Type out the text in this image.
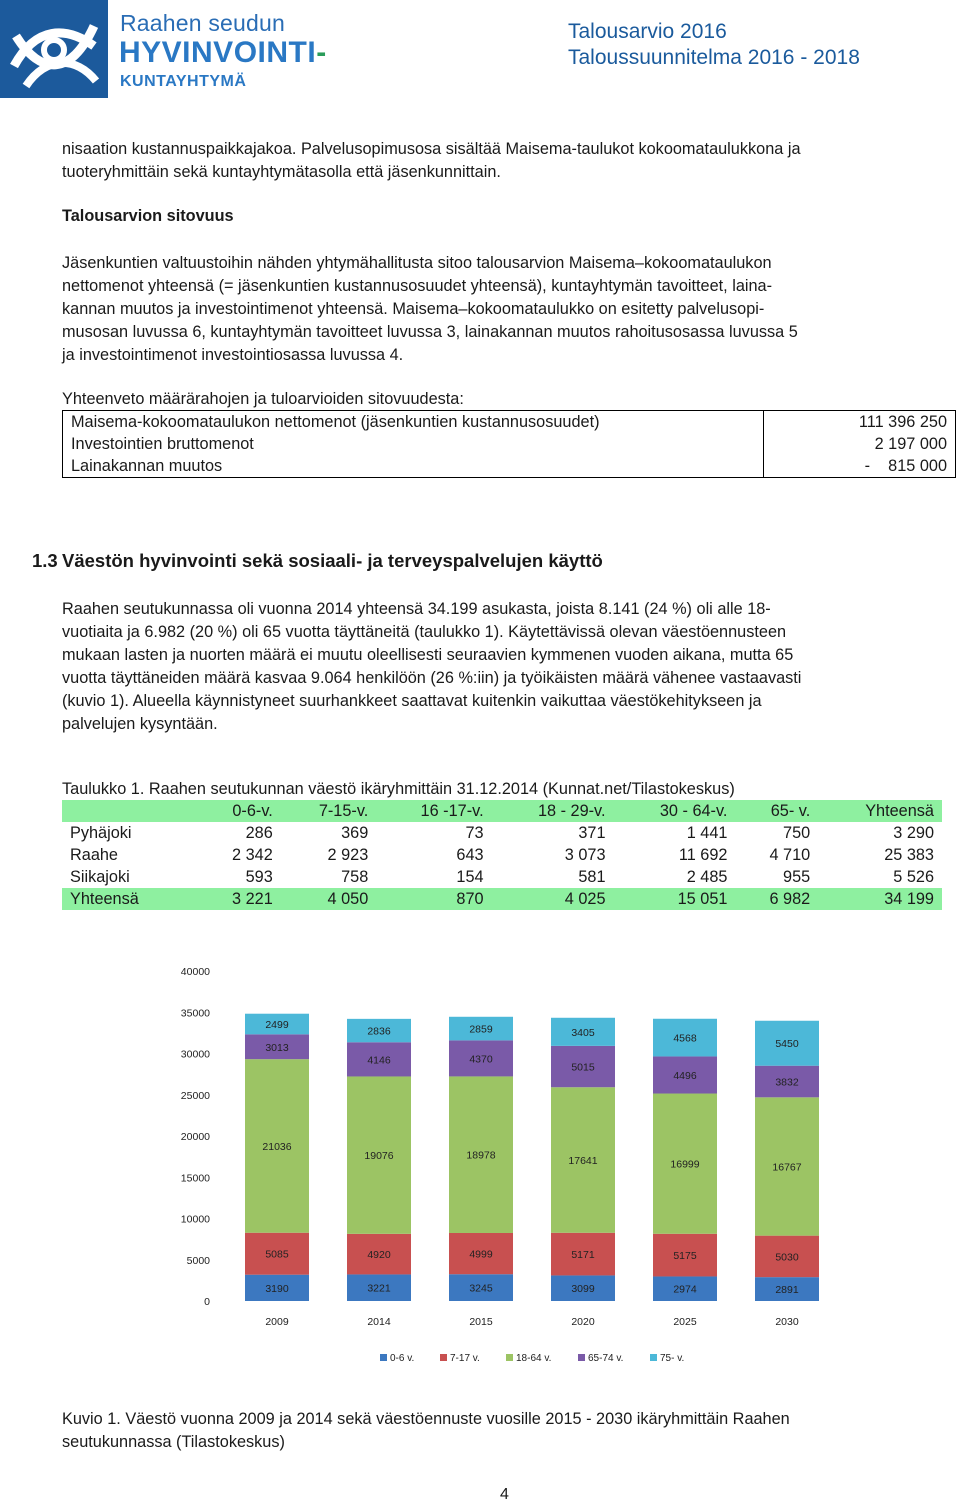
Raahen seudun
HYVINVOINTI-
KUNTAYHTYMÄ
Talousarvio 2016
Taloussuunnitelma 2016 - 2018

nisaation kustannuspaikkajakoa. Palvelusopimusosa sisältää Maisema-taulukot kokoomataulukkona ja

tuoteryhmittäin sekä kuntayhtymätasolla että jäsenkunnittain.

Talousarvion sitovuus

Jäsenkuntien valtuustoihin nähden yhtymähallitusta sitoo talousarvion Maisema–kokoomataulukon

nettomenot yhteensä (= jäsenkuntien kustannusosuudet yhteensä), kuntayhtymän tavoitteet, laina-

kannan muutos ja investointimenot yhteensä. Maisema–kokoomataulukko on esitetty palvelusopi-

musosan luvussa 6, kuntayhtymän tavoitteet luvussa 3, lainakannan muutos rahoitusosassa luvussa 5

ja investointimenot investointiosassa luvussa 4.

Yhteenveto määrärahojen ja tuloarvioiden sitovuudesta:
Maisema-kokoomataulukon nettomenot (jäsenkuntien kustannusosuudet)	111 396 250
Investointien bruttomenot	2 197 000
Lainakannan muutos	-    815 000
1.3 Väestön hyvinvointi sekä sosiaali- ja terveyspalvelujen käyttö

Raahen seutukunnassa oli vuonna 2014 yhteensä 34.199 asukasta, joista 8.141 (24 %) oli alle 18-

vuotiaita ja 6.982 (20 %) oli 65 vuotta täyttäneitä (taulukko 1). Käytettävissä olevan väestöennusteen

mukaan lasten ja nuorten määrä ei muutu oleellisesti seuraavien kymmenen vuoden aikana, mutta 65

vuotta täyttäneiden määrä kasvaa 9.064 henkilöön (26 %:iin) ja työikäisten määrä vähenee vastaavasti

(kuvio 1). Alueella käynnistyneet suurhankkeet saattavat kuitenkin vaikuttaa väestökehitykseen ja

palvelujen kysyntään.

Taulukko 1. Raahen seutukunnan väestö ikäryhmittäin 31.12.2014 (Kunnat.net/Tilastokeskus)
	0-6-v.	7-15-v.	16 -17-v.	18 - 29-v.	30 - 64-v.	65- v.	Yhteensä
Pyhäjoki	286	369	73	371	1 441	750	3 290
Raahe	2 342	2 923	643	3 073	11 692	4 710	25 383
Siikajoki	593	758	154	581	2 485	955	5 526
Yhteensä	3 221	4 050	870	4 025	15 051	6 982	34 199
0
5000
10000
15000
20000
25000
30000
35000
40000
3190
5085
21036
3013
2499
2009
3221
4920
19076
4146
2836
2014
3245
4999
18978
4370
2859
2015
3099
5171
17641
5015
3405
2020
2974
5175
16999
4496
4568
2025
2891
5030
16767
3832
5450
2030
0-6 v.	7-17 v.	18-64 v.	65-74 v.	75- v.
Kuvio 1. Väestö vuonna 2009 ja 2014 sekä väestöennuste vuosille 2015 - 2030 ikäryhmittäin Raahen
seutukunnassa (Tilastokeskus)
4
